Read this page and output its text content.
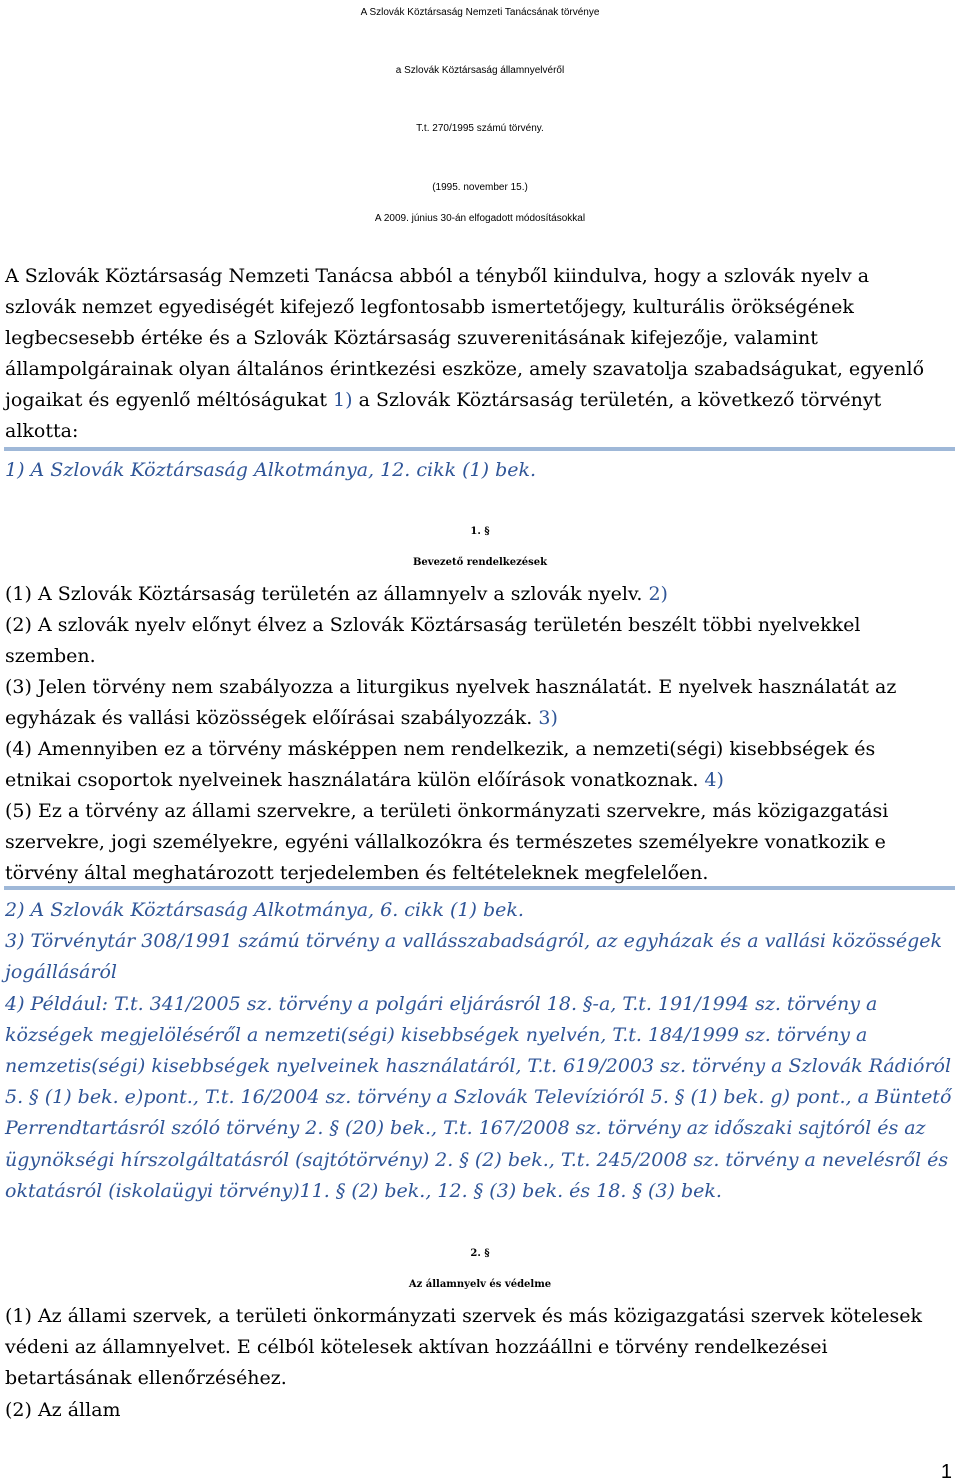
A Szlovák Köztársaság Nemzeti Tanácsának törvénye
a Szlovák Köztársaság államnyelvéről
T.t. 270/1995 számú törvény.
(1995. november 15.)
A 2009. június 30-án elfogadott módosításokkal
A Szlovák Köztársaság Nemzeti Tanácsa abból a tényből kiindulva, hogy a szlovák nyelv a
szlovák nemzet egyediségét kifejező legfontosabb ismertetőjegy, kulturális örökségének
legbecsesebb értéke és a Szlovák Köztársaság szuverenitásának kifejezője, valamint
állampolgárainak olyan általános érintkezési eszköze, amely szavatolja szabadságukat, egyenlő
jogaikat és egyenlő méltóságukat 1) a Szlovák Köztársaság területén, a következő törvényt
alkotta:
1) A Szlovák Köztársaság Alkotmánya, 12. cikk (1) bek.
1. §
Bevezető rendelkezések
(1) A Szlovák Köztársaság területén az államnyelv a szlovák nyelv. 2)
(2) A szlovák nyelv előnyt élvez a Szlovák Köztársaság területén beszélt többi nyelvekkel
szemben.
(3) Jelen törvény nem szabályozza a liturgikus nyelvek használatát. E nyelvek használatát az
egyházak és vallási közösségek előírásai szabályozzák. 3)
(4) Amennyiben ez a törvény másképpen nem rendelkezik, a nemzeti(ségi) kisebbségek és
etnikai csoportok nyelveinek használatára külön előírások vonatkoznak. 4)
(5) Ez a törvény az állami szervekre, a területi önkormányzati szervekre, más közigazgatási
szervekre, jogi személyekre, egyéni vállalkozókra és természetes személyekre vonatkozik e
törvény által meghatározott terjedelemben és feltételeknek megfelelően.
2) A Szlovák Köztársaság Alkotmánya, 6. cikk (1) bek.
3) Törvénytár 308/1991 számú törvény a vallásszabadságról, az egyházak és a vallási közösségek
jogállásáról
4) Például: T.t. 341/2005 sz. törvény a polgári eljárásról 18. §-a, T.t. 191/1994 sz. törvény a
községek megjelöléséről a nemzeti(ségi) kisebbségek nyelvén, T.t. 184/1999 sz. törvény a
nemzetis(ségi) kisebbségek nyelveinek használatáról, T.t. 619/2003 sz. törvény a Szlovák Rádióról
5. § (1) bek. e)pont., T.t. 16/2004 sz. törvény a Szlovák Televízióról 5. § (1) bek. g) pont., a Büntető
Perrendtartásról szóló törvény 2. § (20) bek., T.t. 167/2008 sz. törvény az időszaki sajtóról és az
ügynökségi hírszolgáltatásról (sajtótörvény) 2. § (2) bek., T.t. 245/2008 sz. törvény a nevelésről és
oktatásról (iskolaügyi törvény)11. § (2) bek., 12. § (3) bek. és 18. § (3) bek.
2. §
Az államnyelv és védelme
(1) Az állami szervek, a területi önkormányzati szervek és más közigazgatási szervek kötelesek
védeni az államnyelvet. E célból kötelesek aktívan hozzáállni e törvény rendelkezései
betartásának ellenőrzéséhez.
(2) Az állam
1
